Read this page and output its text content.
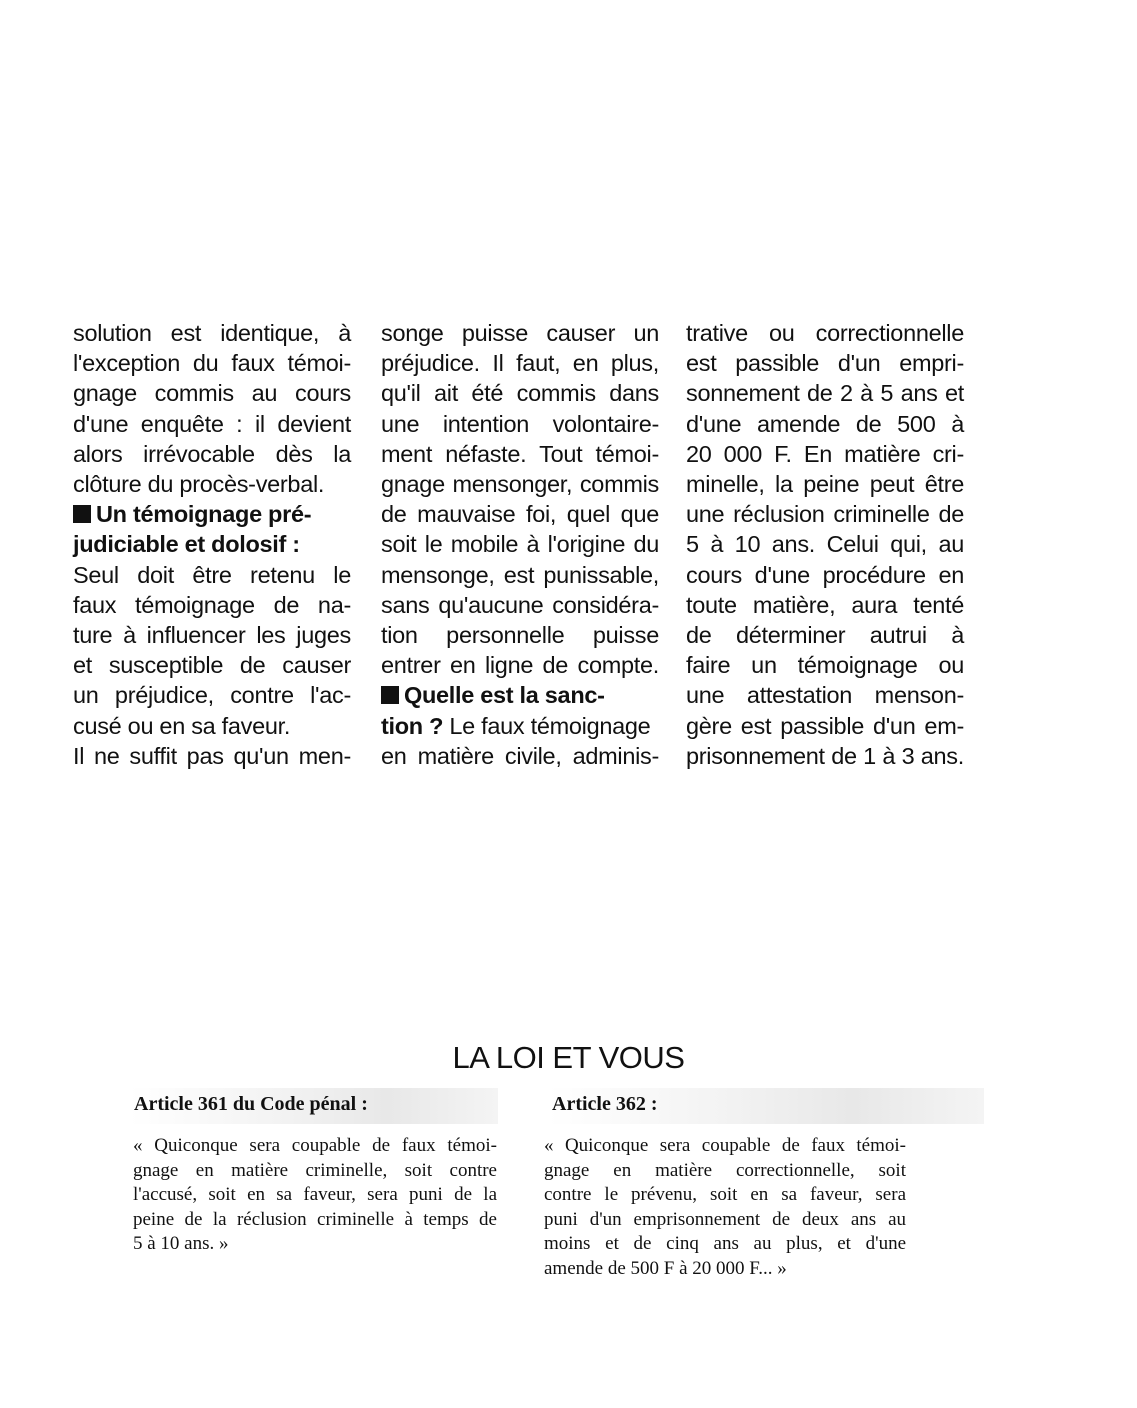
solution est identique, à
l'exception du faux témoi-
gnage commis au cours
d'une enquête : il devient
alors irrévocable dès la
clôture du procès-verbal.
Un témoignage pré-
judiciable et dolosif :
Seul doit être retenu le
faux témoignage de na-
ture à influencer les juges
et susceptible de causer
un préjudice, contre l'ac-
cusé ou en sa faveur.
Il ne suffit pas qu'un men-
songe puisse causer un
préjudice. Il faut, en plus,
qu'il ait été commis dans
une intention volontaire-
ment néfaste. Tout témoi-
gnage mensonger, commis
de mauvaise foi, quel que
soit le mobile à l'origine du
mensonge, est punissable,
sans qu'aucune considéra-
tion personnelle puisse
entrer en ligne de compte.
Quelle est la sanc-
tion ? Le faux témoignage
en matière civile, adminis-
trative ou correctionnelle
est passible d'un empri-
sonnement de 2 à 5 ans et
d'une amende de 500 à
20 000 F. En matière cri-
minelle, la peine peut être
une réclusion criminelle de
5 à 10 ans. Celui qui, au
cours d'une procédure en
toute matière, aura tenté
de déterminer autrui à
faire un témoignage ou
une attestation menson-
gère est passible d'un em-
prisonnement de 1 à 3 ans.
LA LOI ET VOUS
Article 361 du Code pénal :	Article 362 :
« Quiconque sera coupable de faux témoi-
gnage en matière criminelle, soit contre
l'accusé, soit en sa faveur, sera puni de la
peine de la réclusion criminelle à temps de
5 à 10 ans. »
« Quiconque sera coupable de faux témoi-
gnage en matière correctionnelle, soit
contre le prévenu, soit en sa faveur, sera
puni d'un emprisonnement de deux ans au
moins et de cinq ans au plus, et d'une
amende de 500 F à 20 000 F... »
